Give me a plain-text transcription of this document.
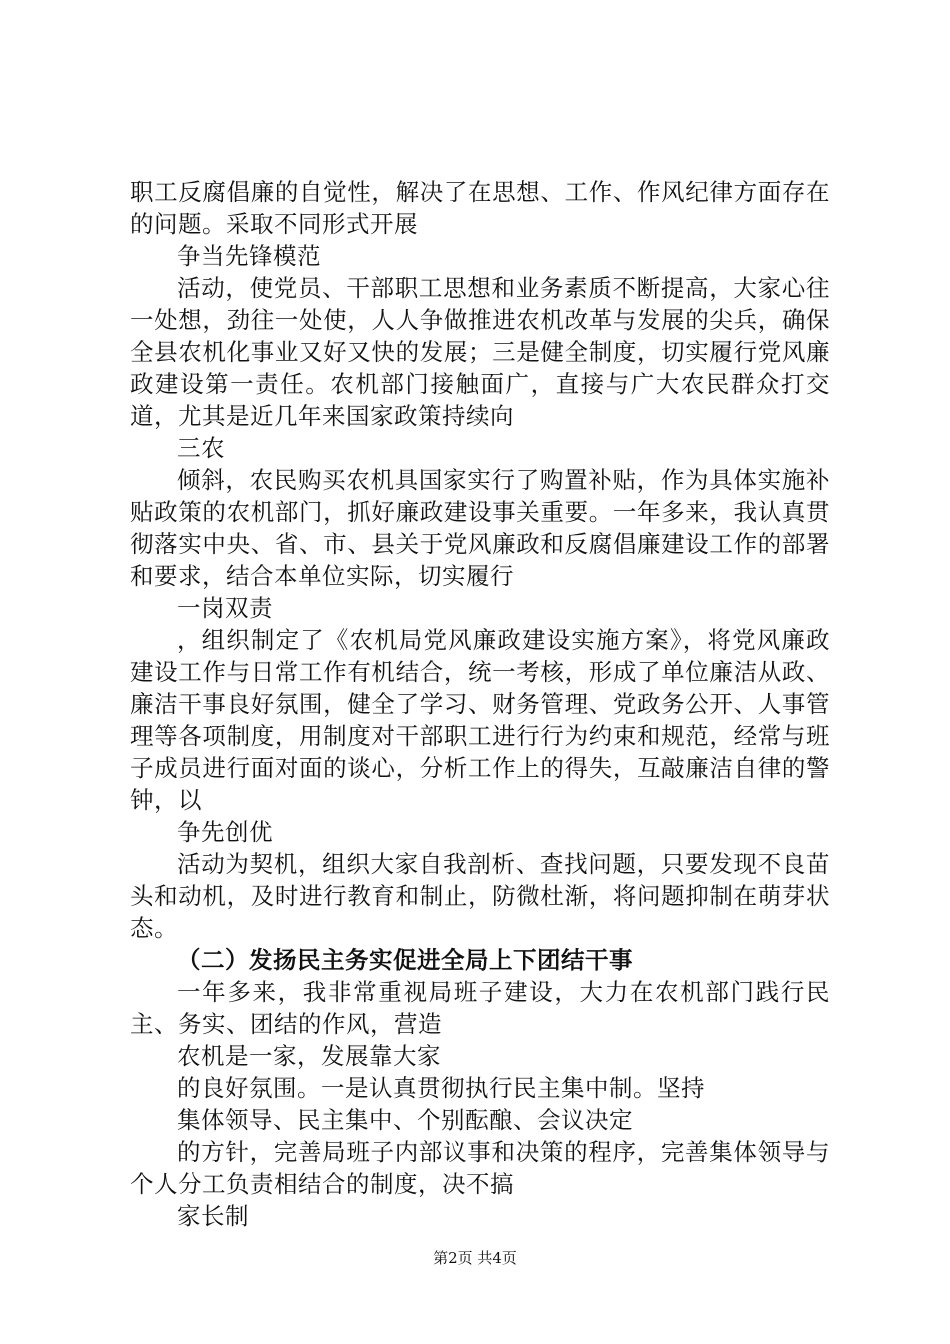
职工反腐倡廉的自觉性，解决了在思想、工作、作风纪律方面存在的问题。采取不同形式开展

争当先锋模范

活动，使党员、干部职工思想和业务素质不断提高，大家心往一处想，劲往一处使，人人争做推进农机改革与发展的尖兵，确保全县农机化事业又好又快的发展；三是健全制度，切实履行党风廉政建设第一责任。农机部门接触面广，直接与广大农民群众打交道，尤其是近几年来国家政策持续向

三农

倾斜，农民购买农机具国家实行了购置补贴，作为具体实施补贴政策的农机部门，抓好廉政建设事关重要。一年多来，我认真贯彻落实中央、省、市、县关于党风廉政和反腐倡廉建设工作的部署和要求，结合本单位实际，切实履行

一岗双责

，组织制定了《农机局党风廉政建设实施方案》，将党风廉政建设工作与日常工作有机结合，统一考核，形成了单位廉洁从政、廉洁干事良好氛围，健全了学习、财务管理、党政务公开、人事管理等各项制度，用制度对干部职工进行行为约束和规范，经常与班子成员进行面对面的谈心，分析工作上的得失，互敲廉洁自律的警钟，以

争先创优

活动为契机，组织大家自我剖析、查找问题，只要发现不良苗头和动机，及时进行教育和制止，防微杜渐，将问题抑制在萌芽状态。

（二）发扬民主务实促进全局上下团结干事

一年多来，我非常重视局班子建设，大力在农机部门践行民主、务实、团结的作风，营造

农机是一家，发展靠大家

的良好氛围。一是认真贯彻执行民主集中制。坚持

集体领导、民主集中、个别酝酿、会议决定

的方针，完善局班子内部议事和决策的程序，完善集体领导与个人分工负责相结合的制度，决不搞

家长制

第2页 共4页
